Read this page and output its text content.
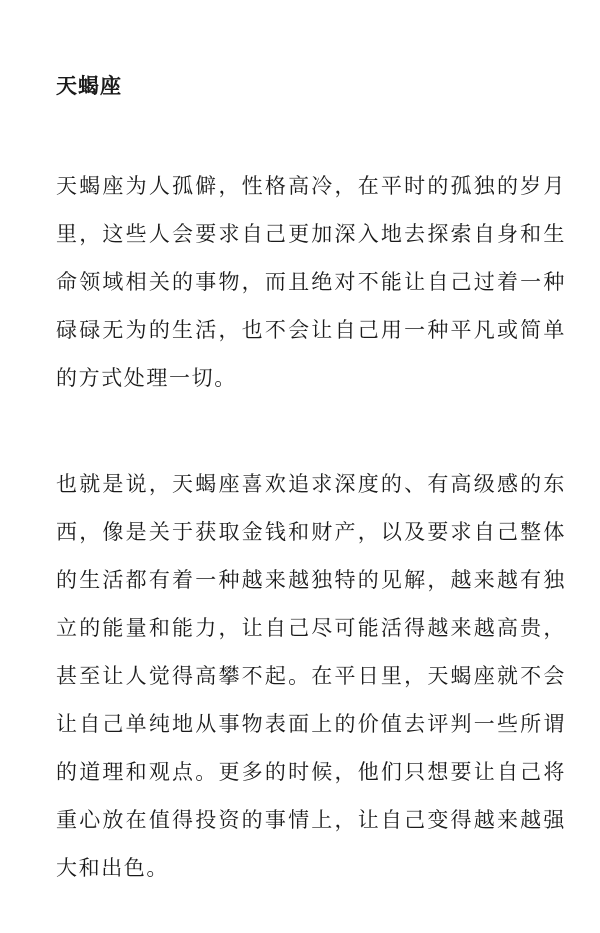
天蝎座

天蝎座为人孤僻，性格高冷，在平时的孤独的岁月里，这些人会要求自己更加深入地去探索自身和生命领域相关的事物，而且绝对不能让自己过着一种碌碌无为的生活，也不会让自己用一种平凡或简单的方式处理一切。

也就是说，天蝎座喜欢追求深度的、有高级感的东西，像是关于获取金钱和财产，以及要求自己整体的生活都有着一种越来越独特的见解，越来越有独立的能量和能力，让自己尽可能活得越来越高贵，甚至让人觉得高攀不起。在平日里，天蝎座就不会让自己单纯地从事物表面上的价值去评判一些所谓的道理和观点。更多的时候，他们只想要让自己将重心放在值得投资的事情上，让自己变得越来越强大和出色。
